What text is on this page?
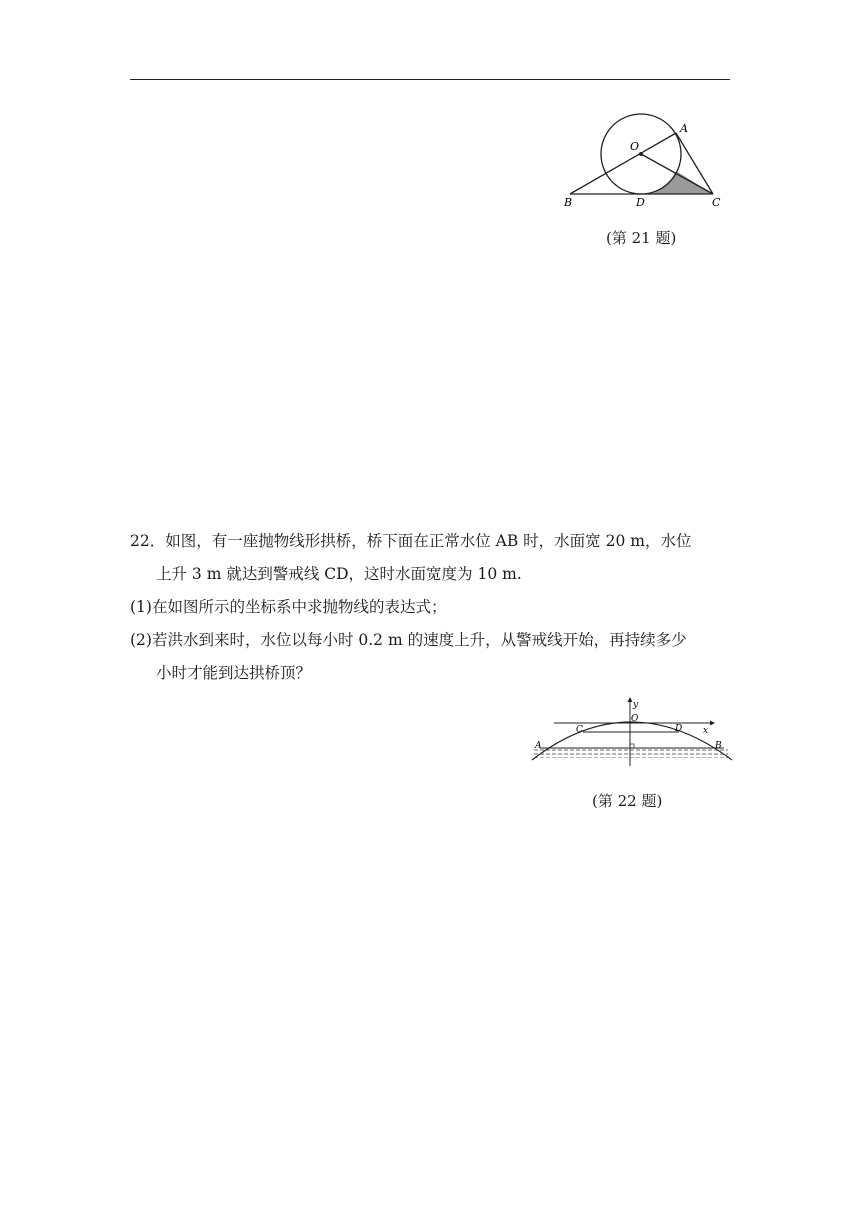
O
A
B	D	C
(第 21 题)

22．如图，有一座抛物线形拱桥，桥下面在正常水位 AB 时，水面宽 20 m，水位

上升 3 m 就达到警戒线 CD，这时水面宽度为 10 m.

(1)在如图所示的坐标系中求抛物线的表达式；

(2)若洪水到来时，水位以每小时 0.2 m 的速度上升，从警戒线开始，再持续多少

小时才能到达拱桥顶？

y
O
x
C	D
A	B
(第 22 题)
